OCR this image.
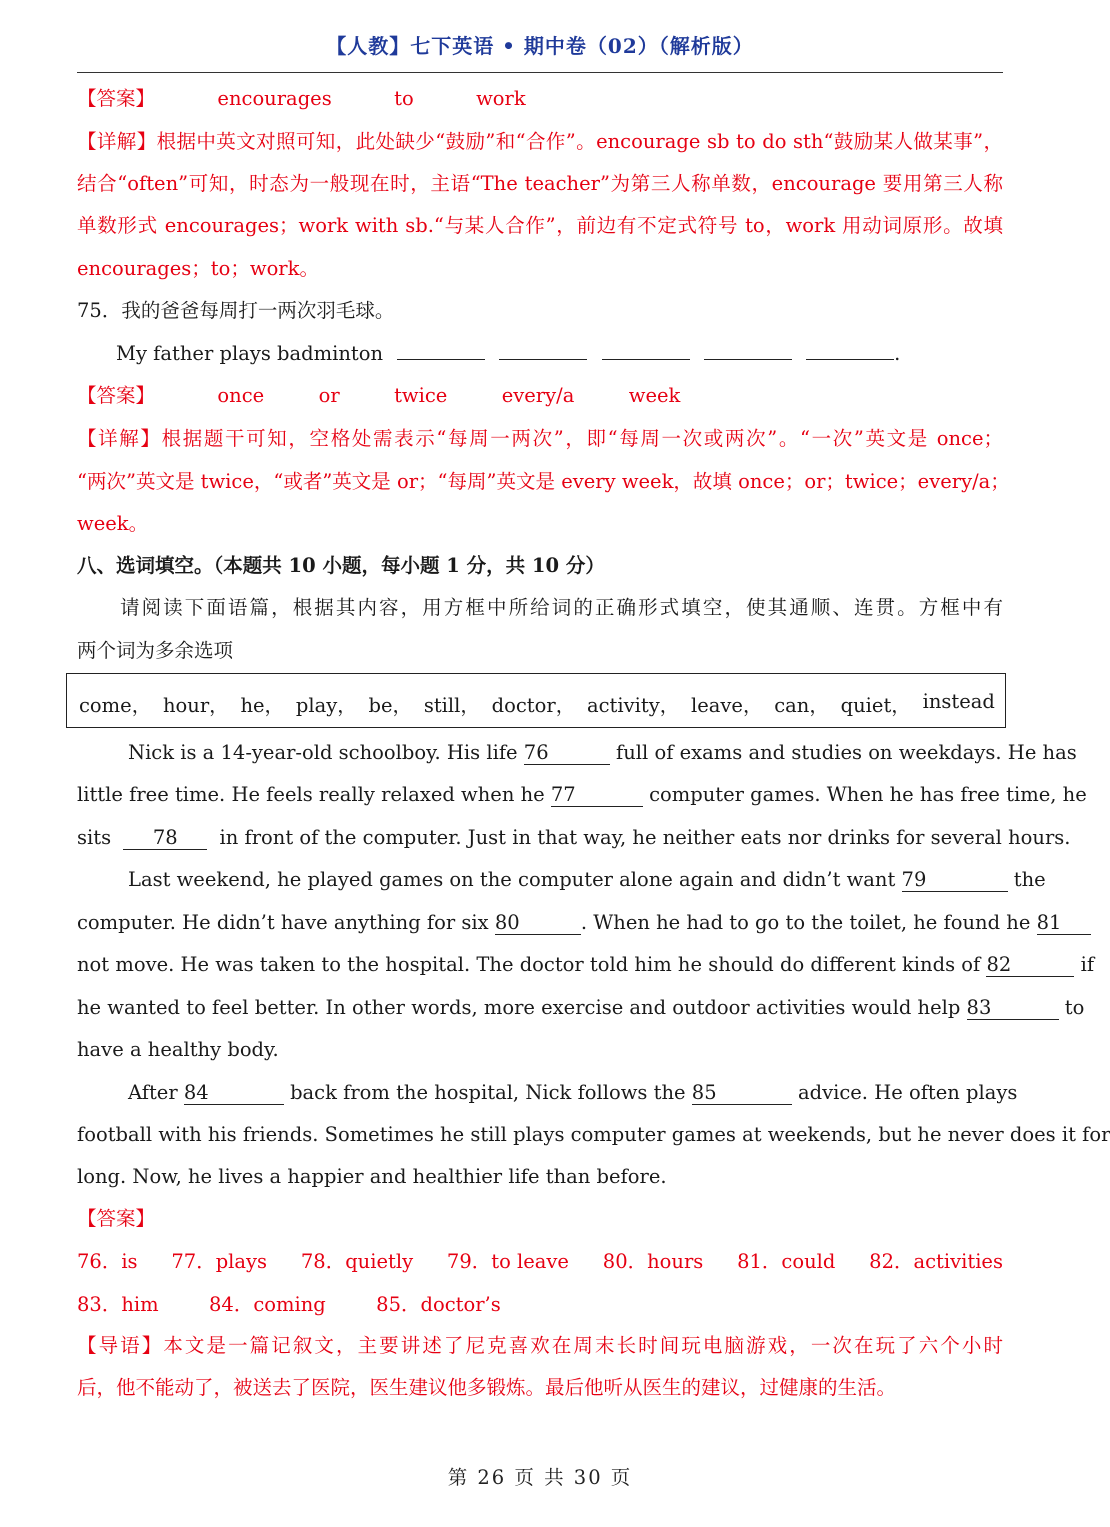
【人教】七下英语 • 期中卷（02）（解析版）
【答案】	encourages	to	work
【详解】根据中英文对照可知，此处缺少“鼓励”和“合作”。encourage sb to do sth“鼓励某人做某事”，
结合“often”可知，时态为一般现在时，主语“The teacher”为第三人称单数，encourage 要用第三人称
单数形式 encourages；work with sb.“与某人合作”，前边有不定式符号 to，work 用动词原形。故填
encourages；to；work。
75．我的爸爸每周打一两次羽毛球。
My father plays badminton	.
【答案】	once	or	twice	every/a	week
【详解】根据题干可知，空格处需表示“每周一两次”，即“每周一次或两次”。“一次”英文是 once；
“两次”英文是 twice，“或者”英文是 or；“每周”英文是 every week，故填 once；or；twice；every/a；
week。
八、选词填空。（本题共 10 小题，每小题 1 分，共 10 分）
请阅读下面语篇，根据其内容，用方框中所给词的正确形式填空，使其通顺、连贯。方框中有
两个词为多余选项
come， hour， he， play， be， still， doctor， activity， leave， can， quiet， instead
Nick is a 14-year-old schoolboy. His life 76	full of exams and studies on weekdays. He has
little free time. He feels really relaxed when he 77	computer games. When he has free time, he
sits 78 in front of the computer. Just in that way, he neither eats nor drinks for several hours.
Last weekend, he played games on the computer alone again and didn’t want 79	the
computer. He didn’t have anything for six 80	. When he had to go to the toilet, he found he 81
not move. He was taken to the hospital. The doctor told him he should do different kinds of 82	if
he wanted to feel better. In other words, more exercise and outdoor activities would help 83	to
have a healthy body.
After 84	back from the hospital, Nick follows the 85	advice. He often plays
football with his friends. Sometimes he still plays computer games at weekends, but he never does it for
long. Now, he lives a happier and healthier life than before.
【答案】
76．is 77．plays 78．quietly 79．to leave 80．hours 81．could 82．activities
83．him	84．coming	85．doctor’s
【导语】本文是一篇记叙文，主要讲述了尼克喜欢在周末长时间玩电脑游戏，一次在玩了六个小时
后，他不能动了，被送去了医院，医生建议他多锻炼。最后他听从医生的建议，过健康的生活。
第 26 页 共 30 页
